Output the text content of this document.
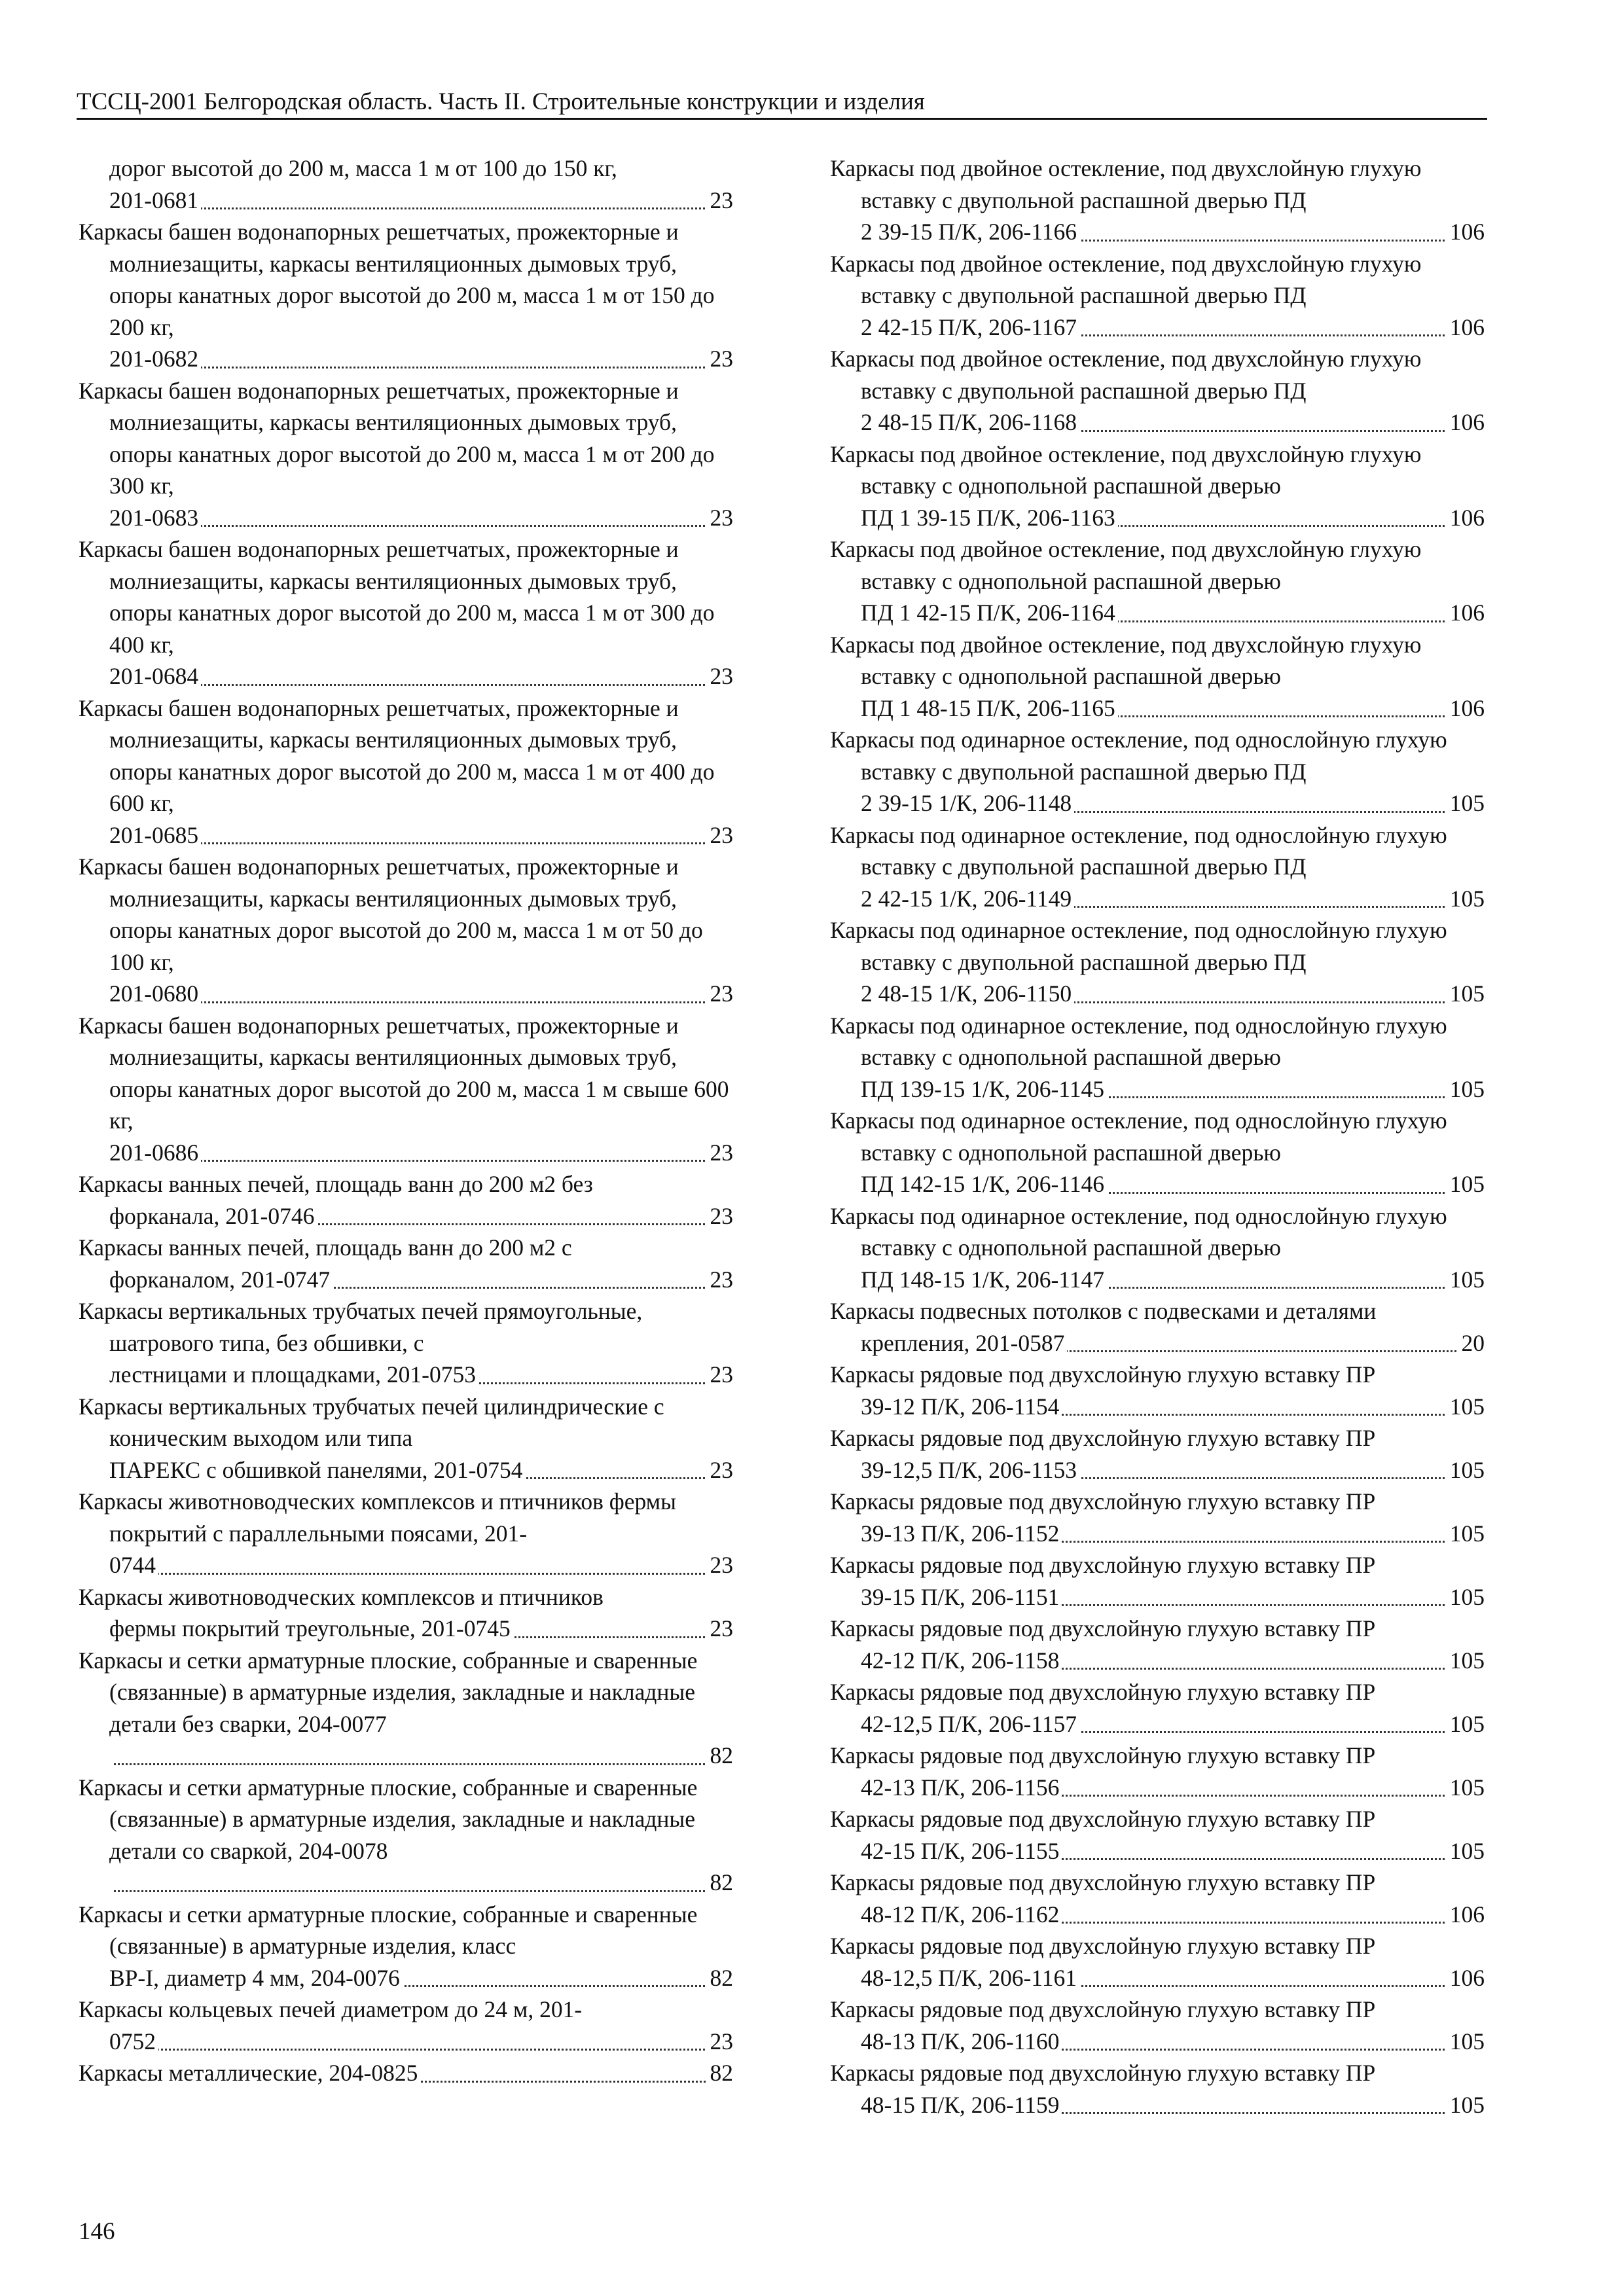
ТССЦ-2001 Белгородская область. Часть II. Строительные конструкции и изделия
дорог высотой до 200 м, масса 1 м от 100 до 150 кг,
201-0681	23
Каркасы башен водонапорных решетчатых, прожекторные и молниезащиты, каркасы вентиляционных дымовых труб, опоры канатных дорог высотой до 200 м, масса 1 м от 150 до 200 кг,
201-0682	23
Каркасы башен водонапорных решетчатых, прожекторные и молниезащиты, каркасы вентиляционных дымовых труб, опоры канатных дорог высотой до 200 м, масса 1 м от 200 до 300 кг,
201-0683	23
Каркасы башен водонапорных решетчатых, прожекторные и молниезащиты, каркасы вентиляционных дымовых труб, опоры канатных дорог высотой до 200 м, масса 1 м от 300 до 400 кг,
201-0684	23
Каркасы башен водонапорных решетчатых, прожекторные и молниезащиты, каркасы вентиляционных дымовых труб, опоры канатных дорог высотой до 200 м, масса 1 м от 400 до 600 кг,
201-0685	23
Каркасы башен водонапорных решетчатых, прожекторные и молниезащиты, каркасы вентиляционных дымовых труб, опоры канатных дорог высотой до 200 м, масса 1 м от 50 до 100 кг,
201-0680	23
Каркасы башен водонапорных решетчатых, прожекторные и молниезащиты, каркасы вентиляционных дымовых труб, опоры канатных дорог высотой до 200 м, масса 1 м свыше 600 кг,
201-0686	23
Каркасы ванных печей, площадь ванн до 200 м2 без
форканала, 201-0746	23
Каркасы ванных печей, площадь ванн до 200 м2 с
форканалом, 201-0747	23
Каркасы вертикальных трубчатых печей прямоугольные, шатрового типа, без обшивки, с
лестницами и площадками, 201-0753	23
Каркасы вертикальных трубчатых печей цилиндрические с коническим выходом или типа
ПАРЕКС с обшивкой панелями, 201-0754	23
Каркасы животноводческих комплексов и птичников фермы покрытий с параллельными поясами, 201-
0744	23
Каркасы животноводческих комплексов и птичников
фермы покрытий треугольные, 201-0745	23
Каркасы и сетки арматурные плоские, собранные и сваренные (связанные) в арматурные изделия, закладные и накладные детали без сварки, 204-0077
82
Каркасы и сетки арматурные плоские, собранные и сваренные (связанные) в арматурные изделия, закладные и накладные детали со сваркой, 204-0078
82
Каркасы и сетки арматурные плоские, собранные и сваренные (связанные) в арматурные изделия, класс
ВР-I, диаметр 4 мм, 204-0076	82
Каркасы кольцевых печей диаметром до 24 м, 201-
0752	23
Каркасы металлические, 204-0825	82
Каркасы под двойное остекление, под двухслойную глухую вставку с двупольной распашной дверью ПД
2 39-15 П/К, 206-1166	106
Каркасы под двойное остекление, под двухслойную глухую вставку с двупольной распашной дверью ПД
2 42-15 П/К, 206-1167	106
Каркасы под двойное остекление, под двухслойную глухую вставку с двупольной распашной дверью ПД
2 48-15 П/К, 206-1168	106
Каркасы под двойное остекление, под двухслойную глухую вставку с однопольной распашной дверью
ПД 1 39-15 П/К, 206-1163	106
Каркасы под двойное остекление, под двухслойную глухую вставку с однопольной распашной дверью
ПД 1 42-15 П/К, 206-1164	106
Каркасы под двойное остекление, под двухслойную глухую вставку с однопольной распашной дверью
ПД 1 48-15 П/К, 206-1165	106
Каркасы под одинарное остекление, под однослойную глухую вставку с двупольной распашной дверью ПД
2 39-15 1/К, 206-1148	105
Каркасы под одинарное остекление, под однослойную глухую вставку с двупольной распашной дверью ПД
2 42-15 1/К, 206-1149	105
Каркасы под одинарное остекление, под однослойную глухую вставку с двупольной распашной дверью ПД
2 48-15 1/К, 206-1150	105
Каркасы под одинарное остекление, под однослойную глухую вставку с однопольной распашной дверью
ПД 139-15 1/К, 206-1145	105
Каркасы под одинарное остекление, под однослойную глухую вставку с однопольной распашной дверью
ПД 142-15 1/К, 206-1146	105
Каркасы под одинарное остекление, под однослойную глухую вставку с однопольной распашной дверью
ПД 148-15 1/К, 206-1147	105
Каркасы подвесных потолков с подвесками и деталями
крепления, 201-0587	20
Каркасы рядовые под двухслойную глухую вставку ПР
39-12 П/К, 206-1154	105
Каркасы рядовые под двухслойную глухую вставку ПР
39-12,5 П/К, 206-1153	105
Каркасы рядовые под двухслойную глухую вставку ПР
39-13 П/К, 206-1152	105
Каркасы рядовые под двухслойную глухую вставку ПР
39-15 П/К, 206-1151	105
Каркасы рядовые под двухслойную глухую вставку ПР
42-12 П/К, 206-1158	105
Каркасы рядовые под двухслойную глухую вставку ПР
42-12,5 П/К, 206-1157	105
Каркасы рядовые под двухслойную глухую вставку ПР
42-13 П/К, 206-1156	105
Каркасы рядовые под двухслойную глухую вставку ПР
42-15 П/К, 206-1155	105
Каркасы рядовые под двухслойную глухую вставку ПР
48-12 П/К, 206-1162	106
Каркасы рядовые под двухслойную глухую вставку ПР
48-12,5 П/К, 206-1161	106
Каркасы рядовые под двухслойную глухую вставку ПР
48-13 П/К, 206-1160	105
Каркасы рядовые под двухслойную глухую вставку ПР
48-15 П/К, 206-1159	105
146
